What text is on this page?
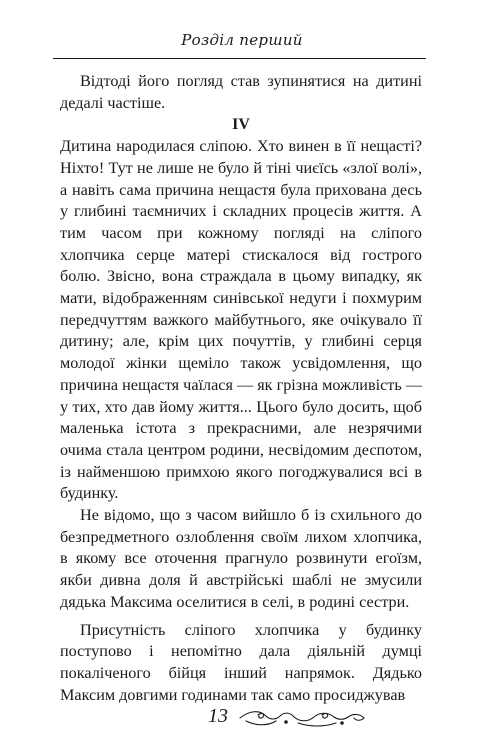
Розділ перший

Відтоді його погляд став зупинятися на дитині дедалі частіше.

IV

Дитина народилася сліпою. Хто винен в її нещасті? Ніхто! Тут не лише не було й тіні чиєїсь «злої волі», а навіть сама причина нещастя була прихована десь у глибині таємничих і складних процесів життя. А тим часом при кожному погляді на сліпого хлопчика серце матері стискалося від гострого болю. Звісно, вона страждала в цьому випадку, як мати, відображенням синівської недуги і похмурим передчуттям важкого майбутнього, яке очікувало її дитину; але, крім цих почуттів, у глибині серця молодої жінки щеміло також усвідомлення, що причина нещастя чаїлася — як грізна можливість — у тих, хто дав йому життя... Цього було досить, щоб маленька істота з прекрасними, але незрячими очима стала центром родини, несвідомим деспотом, із найменшою примхою якого погоджувалися всі в будинку.

Не відомо, що з часом вийшло б із схильного до безпредметного озлоблення своїм лихом хлопчика, в якому все оточення прагнуло розвинути егоїзм, якби дивна доля й австрійські шаблі не змусили дядька Максима оселитися в селі, в родині сестри.

Присутність сліпого хлопчика у будинку поступово і непомітно дала діяльній думці покаліченого бійця інший напрямок. Дядько Максим довгими годинами так само просиджував

13
